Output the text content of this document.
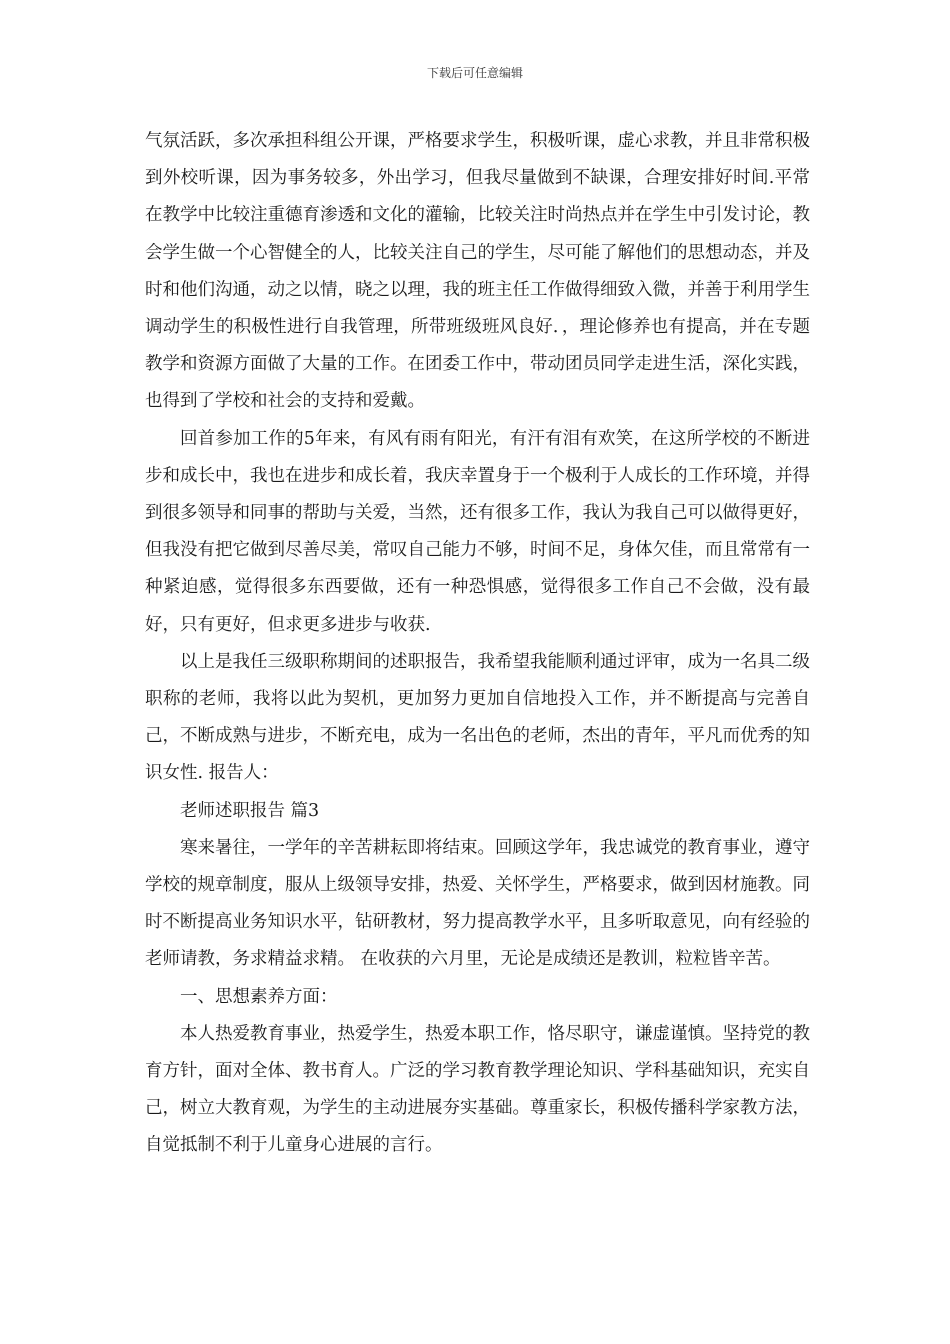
下载后可任意编辑

气氛活跃，多次承担科组公开课，严格要求学生，积极听课，虚心求教，并且非常积极到外校听课，因为事务较多，外出学习，但我尽量做到不缺课，合理安排好时间.平常在教学中比较注重德育渗透和文化的灌输，比较关注时尚热点并在学生中引发讨论，教会学生做一个心智健全的人，比较关注自己的学生，尽可能了解他们的思想动态，并及时和他们沟通，动之以情，晓之以理，我的班主任工作做得细致入微，并善于利用学生调动学生的积极性进行自我管理，所带班级班风良好．，理论修养也有提高，并在专题教学和资源方面做了大量的工作。在团委工作中，带动团员同学走进生活，深化实践，也得到了学校和社会的支持和爱戴。

回首参加工作的5年来，有风有雨有阳光，有汗有泪有欢笑，在这所学校的不断进步和成长中，我也在进步和成长着，我庆幸置身于一个极利于人成长的工作环境，并得到很多领导和同事的帮助与关爱，当然，还有很多工作，我认为我自己可以做得更好，但我没有把它做到尽善尽美，常叹自己能力不够，时间不足，身体欠佳，而且常常有一种紧迫感，觉得很多东西要做，还有一种恐惧感，觉得很多工作自己不会做，没有最好，只有更好，但求更多进步与收获.

以上是我任三级职称期间的述职报告，我希望我能顺利通过评审，成为一名具二级职称的老师，我将以此为契机，更加努力更加自信地投入工作，并不断提高与完善自己，不断成熟与进步，不断充电，成为一名出色的老师，杰出的青年，平凡而优秀的知识女性. 报告人：

老师述职报告 篇3

寒来暑往，一学年的辛苦耕耘即将结束。回顾这学年，我忠诚党的教育事业，遵守学校的规章制度，服从上级领导安排，热爱、关怀学生，严格要求，做到因材施教。同时不断提高业务知识水平，钻研教材，努力提高教学水平，且多听取意见，向有经验的老师请教，务求精益求精。 在收获的六月里，无论是成绩还是教训，粒粒皆辛苦。

一、思想素养方面：

本人热爱教育事业，热爱学生，热爱本职工作，恪尽职守，谦虚谨慎。坚持党的教育方针，面对全体、教书育人。广泛的学习教育教学理论知识、学科基础知识，充实自己，树立大教育观，为学生的主动进展夯实基础。尊重家长，积极传播科学家教方法，自觉抵制不利于儿童身心进展的言行。
